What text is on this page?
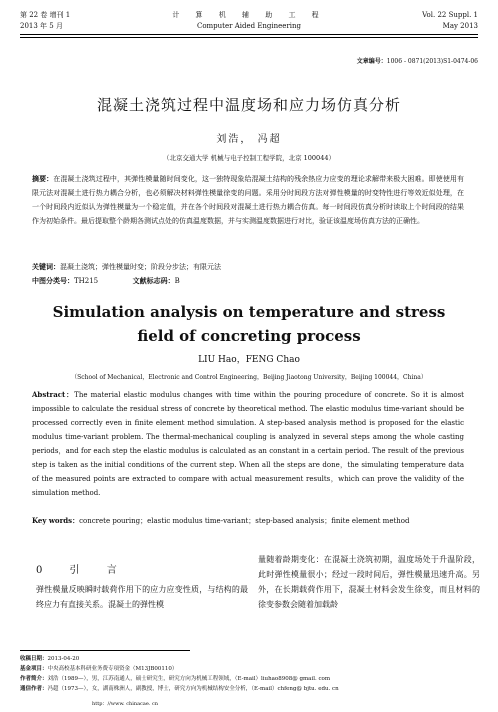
第 22 卷 增刊 1
2013 年 5 月
计 算 机 辅 助 工 程
Computer Aided Engineering
Vol. 22 Suppl. 1
May 2013
文章编号：1006 - 0871(2013)S1-0474-06
混凝土浇筑过程中温度场和应力场仿真分析
刘浩， 冯超
（北京交通大学 机械与电子控制工程学院，北京 100044）
摘要：在混凝土浇筑过程中，其弹性模量随时间变化，这一独特现象给混凝土结构的残余热应力应变的理论求解带来极大困难。即使使用有限元法对混凝土进行热力耦合分析，也必须解决材料弹性模量徐变的问题。采用分时间段方法对弹性模量的时变特性进行等效近似处理，在一个时间段内近似认为弹性模量为一个稳定值，并在各个时间段对混凝土进行热力耦合仿真。每一时间段仿真分析时读取上个时间段的结果作为初始条件。最后提取整个龄期各测试点处的仿真温度数据，并与实测温度数据进行对比，验证该温度场仿真方法的正确性。
关键词：混凝土浇筑；弹性模量时变；阶段分步法；有限元法
中图分类号：TH215	文献标志码：B
Simulation analysis on temperature and stress
field of concreting process
LIU Hao，FENG Chao
（School of Mechanical，Electronic and Control Engineering，Beijing Jiaotong University，Beijing 100044，China）
Abstract：The material elastic modulus changes with time within the pouring procedure of concrete. So it is almost impossible to calculate the residual stress of concrete by theoretical method. The elastic modulus time-variant should be processed correctly even in finite element method simulation. A step-based analysis method is proposed for the elastic modulus time-variant problem. The thermal-mechanical coupling is analyzed in several steps among the whole casting periods，and for each step the elastic modulus is calculated as an constant in a certain period. The result of the previous step is taken as the initial conditions of the current step. When all the steps are done，the simulating temperature data of the measured points are extracted to compare with actual measurement results，which can prove the validity of the simulation method.
Key words：concrete pouring；elastic modulus time-variant；step-based analysis；finite element method
0 引 言
弹性模量反映瞬时载荷作用下的应力应变性质，与结构的最终应力有直接关系。混凝土的弹性模
量随着龄期变化：在混凝土浇筑初期，温度场处于升温阶段，此时弹性模量很小；经过一段时间后，弹性模量迅速升高。另外，在长期载荷作用下，混凝土材料会发生徐变，而且材料的徐变参数会随着加载龄
收稿日期：2013-04-20
基金项目：中央高校基本科研业务费专项资金（M13JB00110）
作者简介：刘浩（1989—），男，江苏南通人，硕士研究生，研究方向为机械工程领域，（E-mail）liuhao8908@ gmail. com
通信作者：冯超（1973—），女，湖南株洲人，副教授，博士，研究方向为机械结构安全分析，（E-mail）chfeng@ bjtu. edu. cn
http：//www. chinacae. cn
